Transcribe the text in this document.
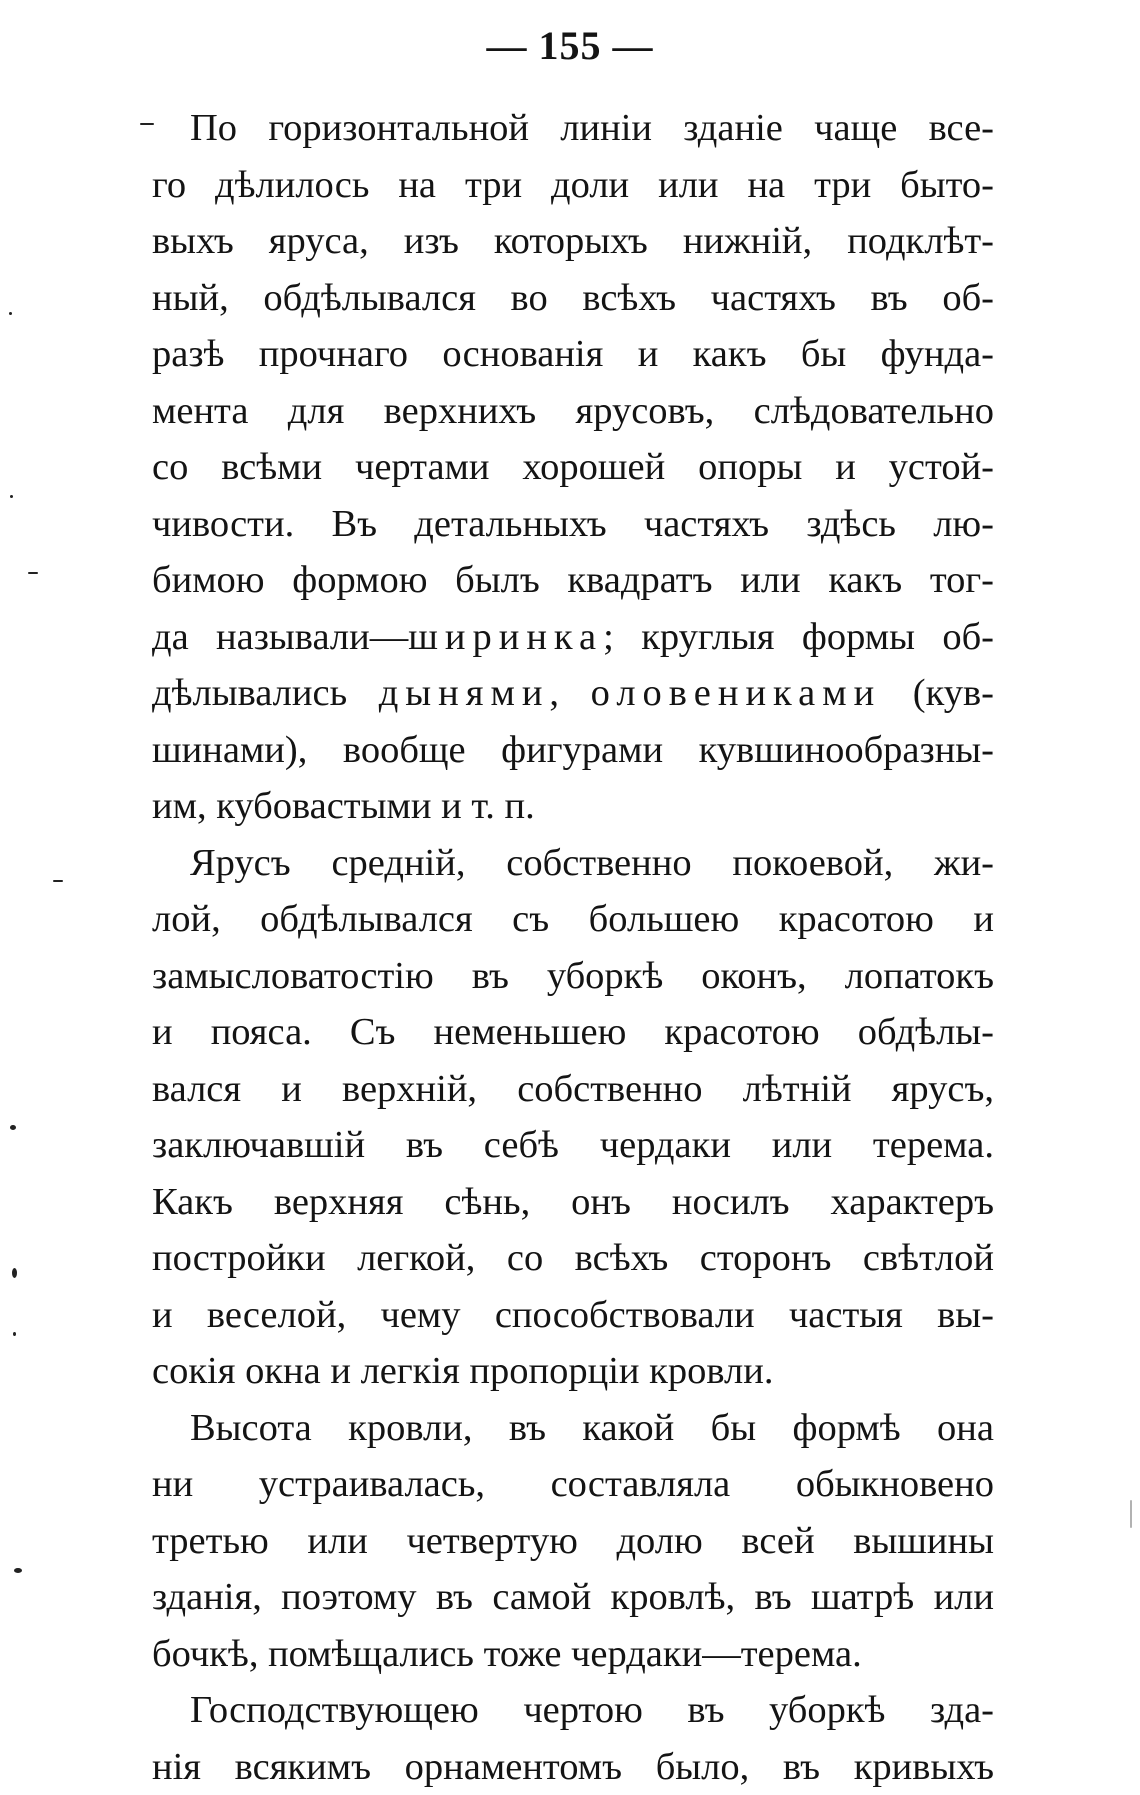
— 155 —
По горизонтальной линіи зданіе чаще все-
го дѣлилось на три доли или на три быто-
выхъ яруса, изъ которыхъ нижній, подклѣт-
ный, обдѣлывался во всѣхъ частяхъ въ об-
разѣ прочнаго основанія и какъ бы фунда-
мента для верхнихъ ярусовъ, слѣдовательно
со всѣми чертами хорошей опоры и устой-
чивости. Въ детальныхъ частяхъ здѣсь лю-
бимою формою былъ квадратъ или какъ тог-
да называли—ширинка; круглыя формы об-
дѣлывались дынями, оловениками (кув-
шинами), вообще фигурами кувшинообразны-
им, кубовастыми и т. п.
Ярусъ средній, собственно покоевой, жи-
лой, обдѣлывался съ большею красотою и
замысловатостію въ уборкѣ оконъ, лопатокъ
и пояса. Съ неменьшею красотою обдѣлы-
вался и верхній, собственно лѣтній ярусъ,
заключавшій въ себѣ чердаки или терема.
Какъ верхняя сѣнь, онъ носилъ характеръ
постройки легкой, со всѣхъ сторонъ свѣтлой
и веселой, чему способствовали частыя вы-
сокія окна и легкія пропорціи кровли.
Высота кровли, въ какой бы формѣ она
ни устраивалась, составляла обыкновено
третью или четвертую долю всей вышины
зданія, поэтому въ самой кровлѣ, въ шатрѣ или
бочкѣ, помѣщались тоже чердаки—терема.
Господствующею чертою въ уборкѣ зда-
нія всякимъ орнаментомъ было, въ кривыхъ
